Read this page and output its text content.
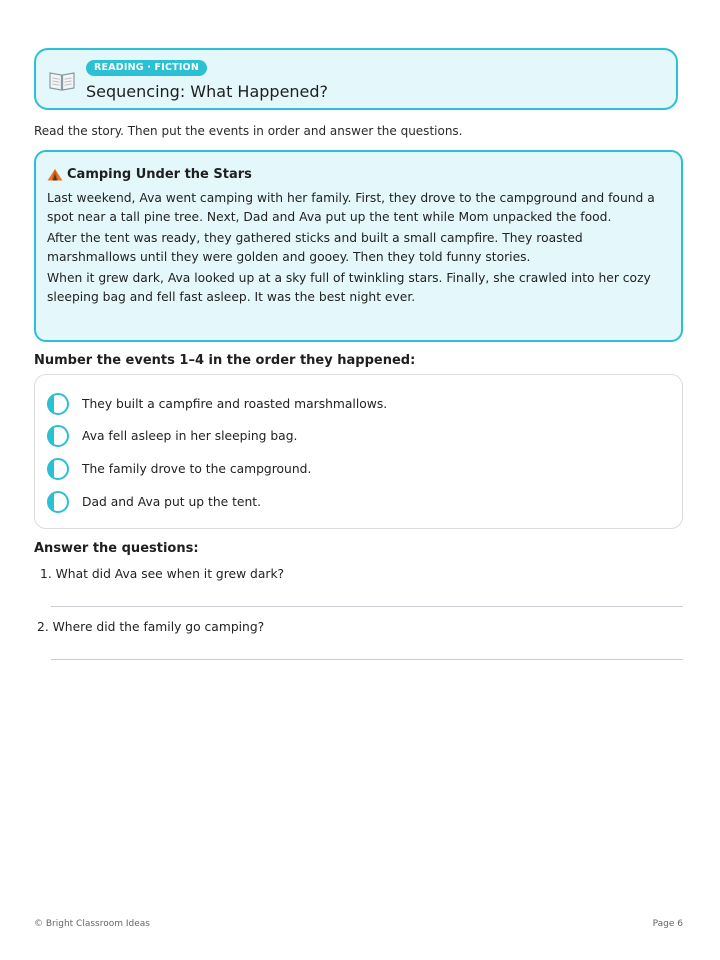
READING · FICTION
Sequencing: What Happened?
Read the story. Then put the events in order and answer the questions.
Camping Under the Stars

Last weekend, Ava went camping with her family. First, they drove to the campground and found a spot near a tall pine tree. Next, Dad and Ava put up the tent while Mom unpacked the food.

After the tent was ready, they gathered sticks and built a small campfire. They roasted marshmallows until they were golden and gooey. Then they told funny stories.

When it grew dark, Ava looked up at a sky full of twinkling stars. Finally, she crawled into her cozy sleeping bag and fell fast asleep. It was the best night ever.

Number the events 1–4 in the order they happened:
They built a campfire and roasted marshmallows.
Ava fell asleep in her sleeping bag.
The family drove to the campground.
Dad and Ava put up the tent.
Answer the questions:
1. What did Ava see when it grew dark?
2. Where did the family go camping?
© Bright Classroom Ideas	Page 6
